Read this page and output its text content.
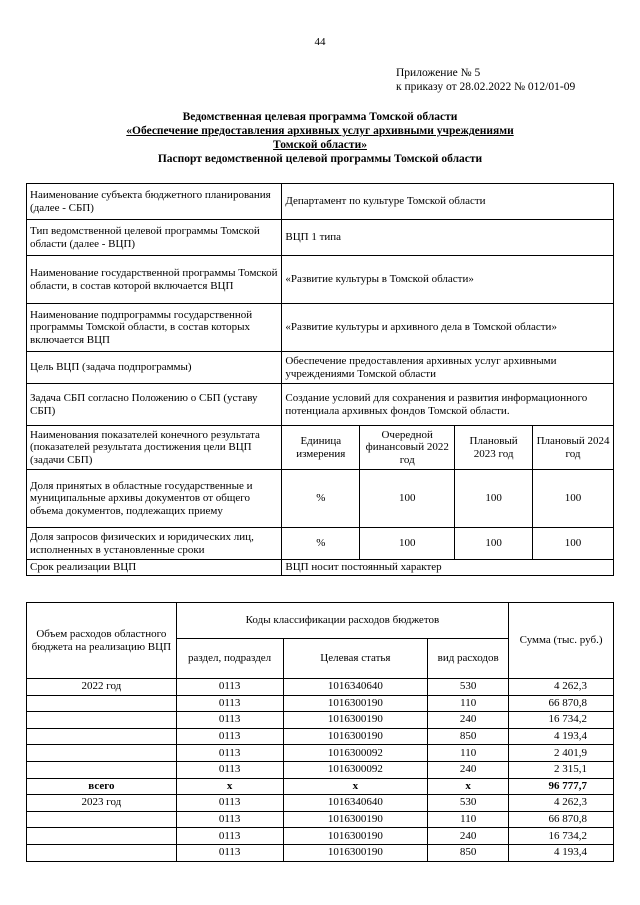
44
Приложение № 5
к приказу от 28.02.2022 № 012/01-09
Ведомственная целевая программа Томской области
«Обеспечение предоставления архивных услуг архивными учреждениями
Томской области»
Паспорт ведомственной целевой программы Томской области
Наименование субъекта бюджетного планирования (далее - СБП)	Департамент по культуре Томской области			
Тип ведомственной целевой программы Томской области (далее - ВЦП)	ВЦП 1 типа			
Наименование государственной программы Томской области, в состав которой включается ВЦП	«Развитие культуры в Томской области»			
Наименование подпрограммы государственной программы Томской области, в состав которых включается ВЦП	«Развитие культуры и архивного дела в Томской области»			
Цель ВЦП (задача подпрограммы)	Обеспечение предоставления архивных услуг архивными учреждениями Томской области			
Задача СБП согласно Положению о СБП (уставу СБП)	Создание условий для сохранения и развития информационного потенциала архивных фондов Томской области.			
Наименования показателей конечного результата (показателей результата достижения цели ВЦП (задачи СБП)	Единица измерения	Очередной финансовый 2022 год	Плановый 2023 год	Плановый 2024 год
Доля принятых в областные государственные и муниципальные архивы документов от общего объема документов, подлежащих приему	%	100	100	100
Доля запросов физических и юридических лиц, исполненных в установленные сроки	%	100	100	100
Срок реализации ВЦП	ВЦП носит постоянный характер			
Объем расходов областного бюджета на реализацию ВЦП	Коды классификации расходов бюджетов			Сумма (тыс. руб.)
	раздел, подраздел	Целевая статья	вид расходов	
2022 год	0113	1016340640	530	4 262,3
	0113	1016300190	110	66 870,8
	0113	1016300190	240	16 734,2
	0113	1016300190	850	4 193,4
	0113	1016300092	110	2 401,9
	0113	1016300092	240	2 315,1
всего	x	x	x	96 777,7
2023 год	0113	1016340640	530	4 262,3
	0113	1016300190	110	66 870,8
	0113	1016300190	240	16 734,2
	0113	1016300190	850	4 193,4
